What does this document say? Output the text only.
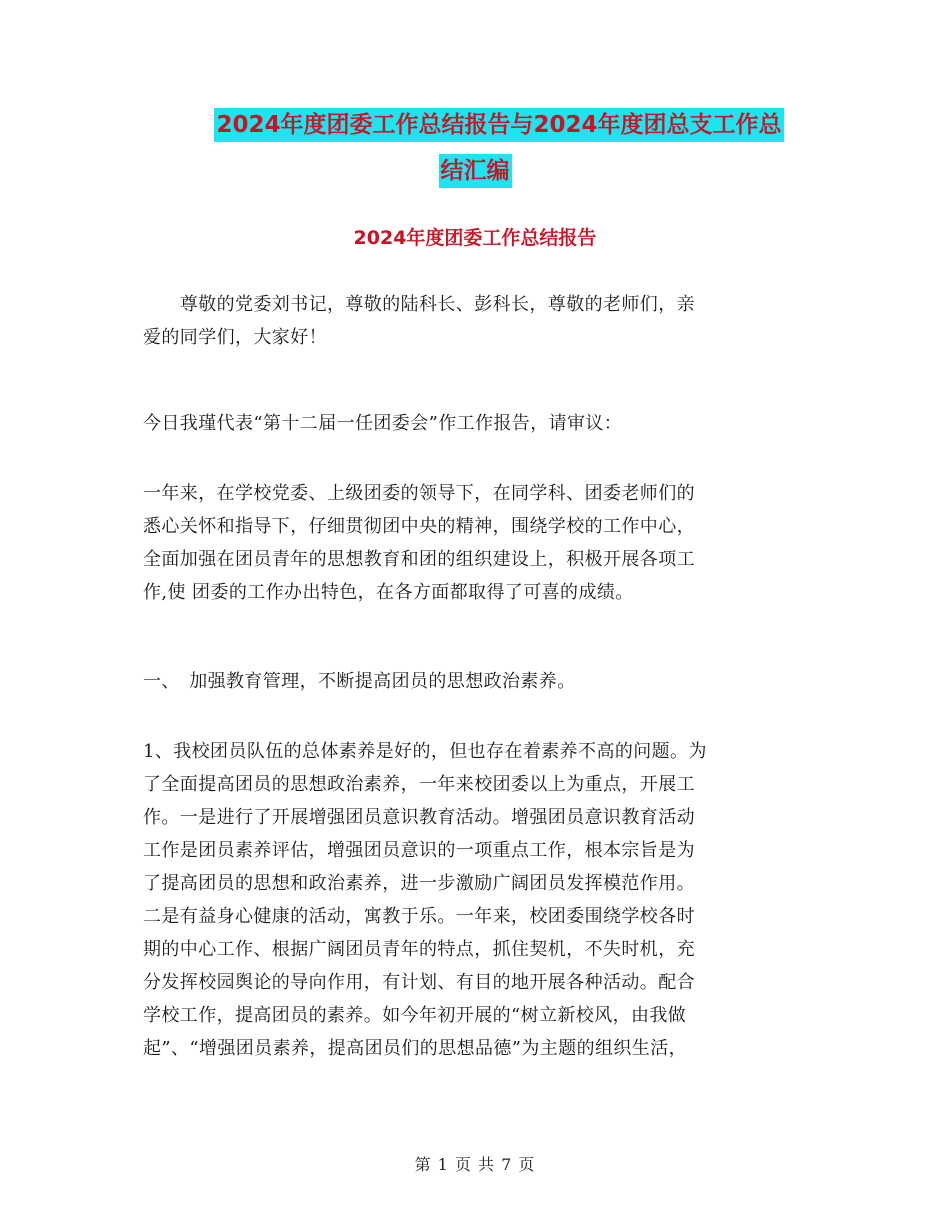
2024年度团委工作总结报告与2024年度团总支工作总
结汇编
2024年度团委工作总结报告

　　尊敬的党委刘书记，尊敬的陆科长、彭科长，尊敬的老师们，亲

爱的同学们，大家好！

今日我瑾代表“第十二届一任团委会”作工作报告，请审议：

一年来，在学校党委、上级团委的领导下，在同学科、团委老师们的

悉心关怀和指导下，仔细贯彻团中央的精神，围绕学校的工作中心，

全面加强在团员青年的思想教育和团的组织建设上，积极开展各项工

作,使 团委的工作办出特色，在各方面都取得了可喜的成绩。

一、　加强教育管理，不断提高团员的思想政治素养。

1、我校团员队伍的总体素养是好的，但也存在着素养不高的问题。为

了全面提高团员的思想政治素养，一年来校团委以上为重点，开展工

作。一是进行了开展增强团员意识教育活动。增强团员意识教育活动

工作是团员素养评估，增强团员意识的一项重点工作，根本宗旨是为

了提高团员的思想和政治素养，进一步激励广阔团员发挥模范作用。

二是有益身心健康的活动，寓教于乐。一年来，校团委围绕学校各时

期的中心工作、根据广阔团员青年的特点，抓住契机，不失时机，充

分发挥校园舆论的导向作用，有计划、有目的地开展各种活动。配合

学校工作，提高团员的素养。如今年初开展的“树立新校风，由我做

起”、“增强团员素养，提高团员们的思想品德”为主题的组织生活，

第 1 页 共 7 页
